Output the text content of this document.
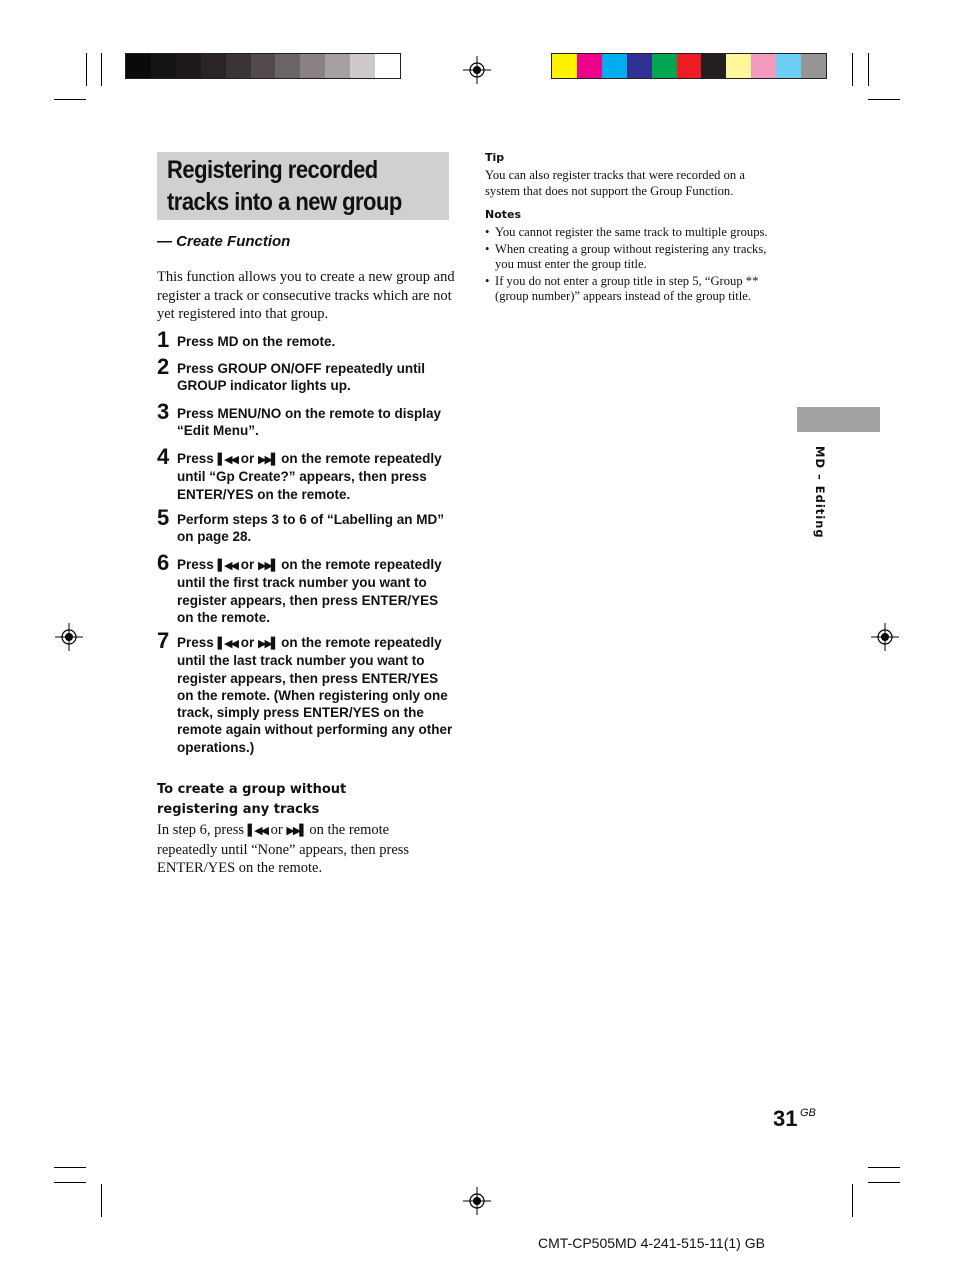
Registering recorded
tracks into a new group
— Create Function
This function allows you to create a new group and register a track or consecutive tracks which are not yet registered into that group.
1 Press MD on the remote.
2 Press GROUP ON/OFF repeatedly until GROUP indicator lights up.
3 Press MENU/NO on the remote to display “Edit Menu”.
4 Press ▌◀◀ or ▶▶▌ on the remote repeatedly until “Gp Create?” appears, then press ENTER/YES on the remote.
5 Perform steps 3 to 6 of “Labelling an MD” on page 28.
6 Press ▌◀◀ or ▶▶▌ on the remote repeatedly until the first track number you want to register appears, then press ENTER/YES on the remote.
7 Press ▌◀◀ or ▶▶▌ on the remote repeatedly until the last track number you want to register appears, then press ENTER/YES on the remote. (When registering only one track, simply press ENTER/YES on the remote again without performing any other operations.)
To create a group without registering any tracks
In step 6, press ▌◀◀ or ▶▶▌ on the remote repeatedly until “None” appears, then press ENTER/YES on the remote.
Tip
You can also register tracks that were recorded on a system that does not support the Group Function.
Notes
• You cannot register the same track to multiple groups.
• When creating a group without registering any tracks, you must enter the group title.
• If you do not enter a group title in step 5, “Group ** (group number)” appears instead of the group title.
MD – Editing
31 GB
CMT-CP505MD 4-241-515-11(1) GB
